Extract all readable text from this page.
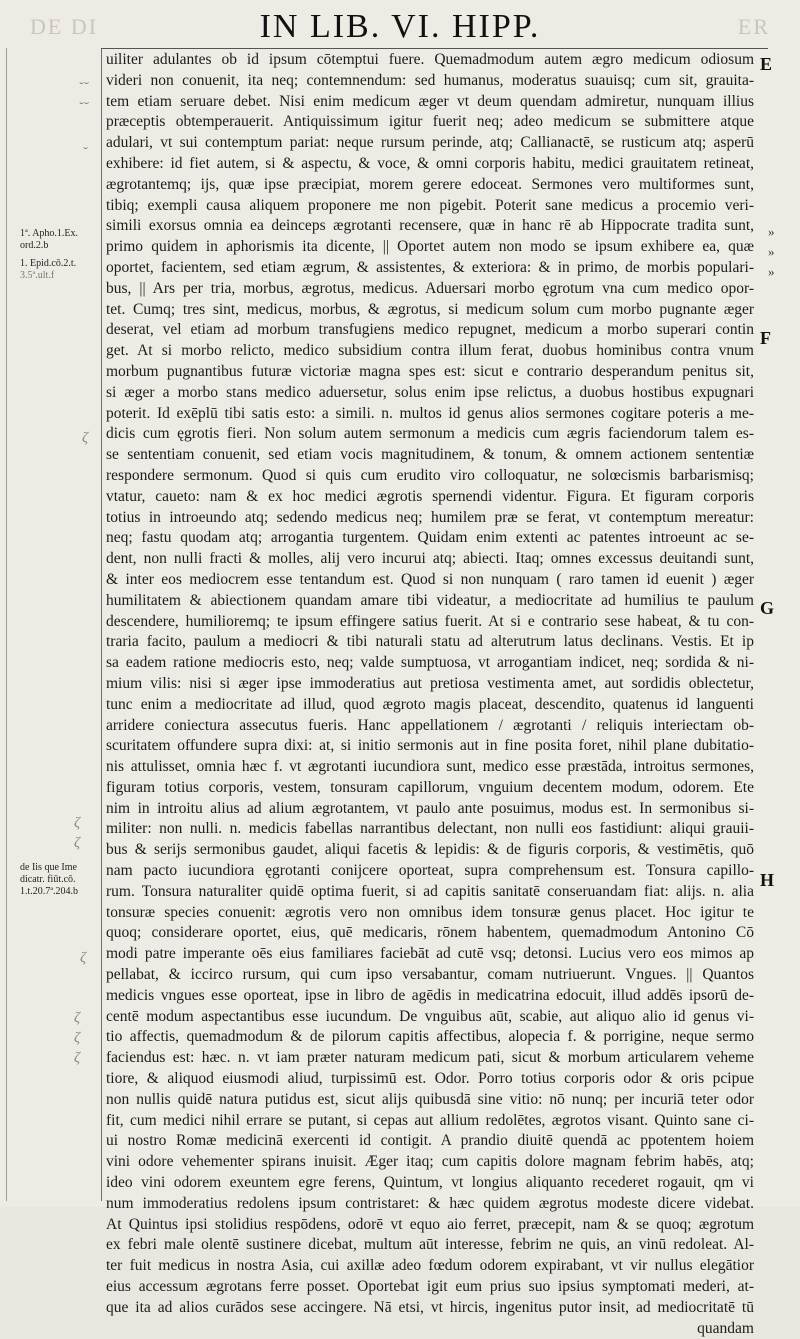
DE DI	IN LIB. VI. HIPP.	ER
1ª. Apho.1.Ex.
ord.2.b
1. Epid.cō.2.t.
3.5ª.ult.f
de Iis que Ime
dicatr. fiūt.cō.
1.t.20.7ª.204.b
˘˘
˘˘
˘
ζ
ζ
ζ
ζ
ζ
ζ
ζ
E
F
G
H
»
»
»
uiliter adulantes ob id ipsum cōtemptui fuere. Quemadmodum autem ægro medicum odiosum
videri non conuenit, ita neq; contemnendum: sed humanus, moderatus suauisq; cum sit, grauita-
tem etiam seruare debet. Nisi enim medicum æger vt deum quendam admiretur, nunquam illius
præceptis obtemperauerit. Antiquissimum igitur fuerit neq; adeo medicum se submittere atque
adulari, vt sui contemptum pariat: neque rursum perinde, atq; Callianactē, se rusticum atq; asperū
exhibere: id fiet autem, si & aspectu, & voce, & omni corporis habitu, medici grauitatem retineat,
ægrotantemq; ijs, quæ ipse præcipiat, morem gerere edoceat. Sermones vero multiformes sunt,
tibiq; exempli causa aliquem proponere me non pigebit. Poterit sane medicus a procemio veri-
simili exorsus omnia ea deinceps ægrotanti recensere, quæ in hanc rē ab Hippocrate tradita sunt,
primo quidem in aphorismis ita dicente, || Oportet autem non modo se ipsum exhibere ea, quæ
oportet, facientem, sed etiam ægrum, & assistentes, & exteriora: & in primo, de morbis populari-
bus, || Ars per tria, morbus, ægrotus, medicus. Aduersari morbo ęgrotum vna cum medico opor-
tet. Cumq; tres sint, medicus, morbus, & ægrotus, si medicum solum cum morbo pugnante æger
deserat, vel etiam ad morbum transfugiens medico repugnet, medicum a morbo superari contin
get. At si morbo relicto, medico subsidium contra illum ferat, duobus hominibus contra vnum
morbum pugnantibus futuræ victoriæ magna spes est: sicut e contrario desperandum penitus sit,
si æger a morbo stans medico aduersetur, solus enim ipse relictus, a duobus hostibus expugnari
poterit. Id exēplū tibi satis esto: a simili. n. multos id genus alios sermones cogitare poteris a me-
dicis cum ęgrotis fieri. Non solum autem sermonum a medicis cum ægris faciendorum talem es-
se sententiam conuenit, sed etiam vocis magnitudinem, & tonum, & omnem actionem sententiæ
respondere sermonum. Quod si quis cum erudito viro colloquatur, ne solœcismis barbarismisq;
vtatur, caueto: nam & ex hoc medici ægrotis spernendi videntur. Figura. Et figuram corporis
totius in introeundo atq; sedendo medicus neq; humilem præ se ferat, vt contemptum mereatur:
neq; fastu quodam atq; arrogantia turgentem. Quidam enim extenti ac patentes introeunt ac se-
dent, non nulli fracti & molles, alij vero incurui atq; abiecti. Itaq; omnes excessus deuitandi sunt,
& inter eos mediocrem esse tentandum est. Quod si non nunquam ( raro tamen id euenit ) æger
humilitatem & abiectionem quandam amare tibi videatur, a mediocritate ad humilius te paulum
descendere, humilioremq; te ipsum effingere satius fuerit. At si e contrario sese habeat, & tu con-
traria facito, paulum a mediocri & tibi naturali statu ad alterutrum latus declinans. Vestis. Et ip
sa eadem ratione mediocris esto, neq; valde sumptuosa, vt arrogantiam indicet, neq; sordida & ni-
mium vilis: nisi si æger ipse immoderatius aut pretiosa vestimenta amet, aut sordidis oblectetur,
tunc enim a mediocritate ad illud, quod ægroto magis placeat, descendito, quatenus id languenti
arridere coniectura assecutus fueris. Hanc appellationem / ægrotanti / reliquis interiectam ob-
scuritatem offundere supra dixi: at, si initio sermonis aut in fine posita foret, nihil plane dubitatio-
nis attulisset, omnia hæc f. vt ægrotanti iucundiora sunt, medico esse præstāda, introitus sermones,
figuram totius corporis, vestem, tonsuram capillorum, vnguium decentem modum, odorem. Ete
nim in introitu alius ad alium ægrotantem, vt paulo ante posuimus, modus est. In sermonibus si-
militer: non nulli. n. medicis fabellas narrantibus delectant, non nulli eos fastidiunt: aliqui grauii-
bus & serijs sermonibus gaudet, aliqui facetis & lepidis: & de figuris corporis, & vestimētis, quō
nam pacto iucundiora ęgrotanti conijcere oporteat, supra comprehensum est. Tonsura capillo-
rum. Tonsura naturaliter quidē optima fuerit, si ad capitis sanitatē conseruandam fiat: alijs. n. alia
tonsuræ species conuenit: ægrotis vero non omnibus idem tonsuræ genus placet. Hoc igitur te
quoq; considerare oportet, eius, quē medicaris, rōnem habentem, quemadmodum Antonino Cō
modi patre imperante oēs eius familiares faciebāt ad cutē vsq; detonsi. Lucius vero eos mimos ap
pellabat, & iccirco rursum, qui cum ipso versabantur, comam nutriuerunt. Vngues. || Quantos
medicis vngues esse oporteat, ipse in libro de agēdis in medicatrina edocuit, illud addēs ipsorū de-
centē modum aspectantibus esse iucundum. De vnguibus aūt, scabie, aut aliquo alio id genus vi-
tio affectis, quemadmodum & de pilorum capitis affectibus, alopecia f. & porrigine, neque sermo
faciendus est: hæc. n. vt iam præter naturam medicum pati, sicut & morbum articularem veheme
tiore, & aliquod eiusmodi aliud, turpissimū est. Odor. Porro totius corporis odor & oris pcipue
non nullis quidē natura putidus est, sicut alijs quibusdā sine vitio: nō nunq; per incuriā teter odor
fit, cum medici nihil errare se putant, si cepas aut allium redolētes, ægrotos visant. Quinto sane ci-
ui nostro Romæ medicinā exercenti id contigit. A prandio diuitē quendā ac ppotentem hoiem
vini odore vehementer spirans inuisit. Æger itaq; cum capitis dolore magnam febrim habēs, atq;
ideo vini odorem exeuntem egre ferens, Quintum, vt longius aliquanto recederet rogauit, qm vi
num immoderatius redolens ipsum contristaret: & hæc quidem ægrotus modeste dicere videbat.
At Quintus ipsi stolidius respōdens, odorē vt equo aio ferret, præcepit, nam & se quoq; ægrotum
ex febri male olentē sustinere dicebat, multum aūt interesse, febrim ne quis, an vinū redoleat. Al-
ter fuit medicus in nostra Asia, cui axillæ adeo fœdum odorem expirabant, vt vir nullus elegātior
eius accessum ægrotans ferre posset. Oportebat igit eum prius suo ipsius symptomati mederi, at-
que ita ad alios curādos sese accingere. Nā etsi, vt hircis, ingenitus putor insit, ad mediocritatē tū
quandam
